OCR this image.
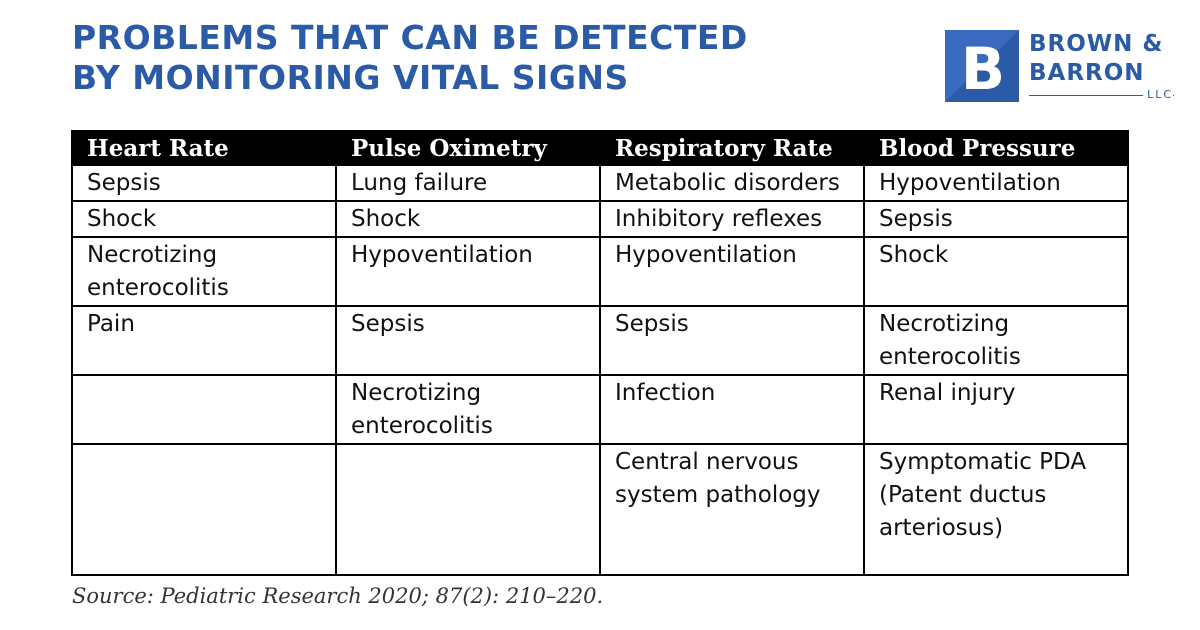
PROBLEMS THAT CAN BE DETECTED
BY MONITORING VITAL SIGNS	B BROWN &
BARRON
LLC
Heart Rate	Pulse Oximetry	Respiratory Rate	Blood Pressure
Sepsis	Lung failure	Metabolic disorders	Hypoventilation
Shock	Shock	Inhibitory reflexes	Sepsis
Necrotizing
enterocolitis	Hypoventilation	Hypoventilation	Shock
Pain	Sepsis	Sepsis	Necrotizing
enterocolitis
	Necrotizing
enterocolitis	Infection	Renal injury
		Central nervous
system pathology	Symptomatic PDA
(Patent ductus
arteriosus)
Source: Pediatric Research 2020; 87(2): 210–220.
